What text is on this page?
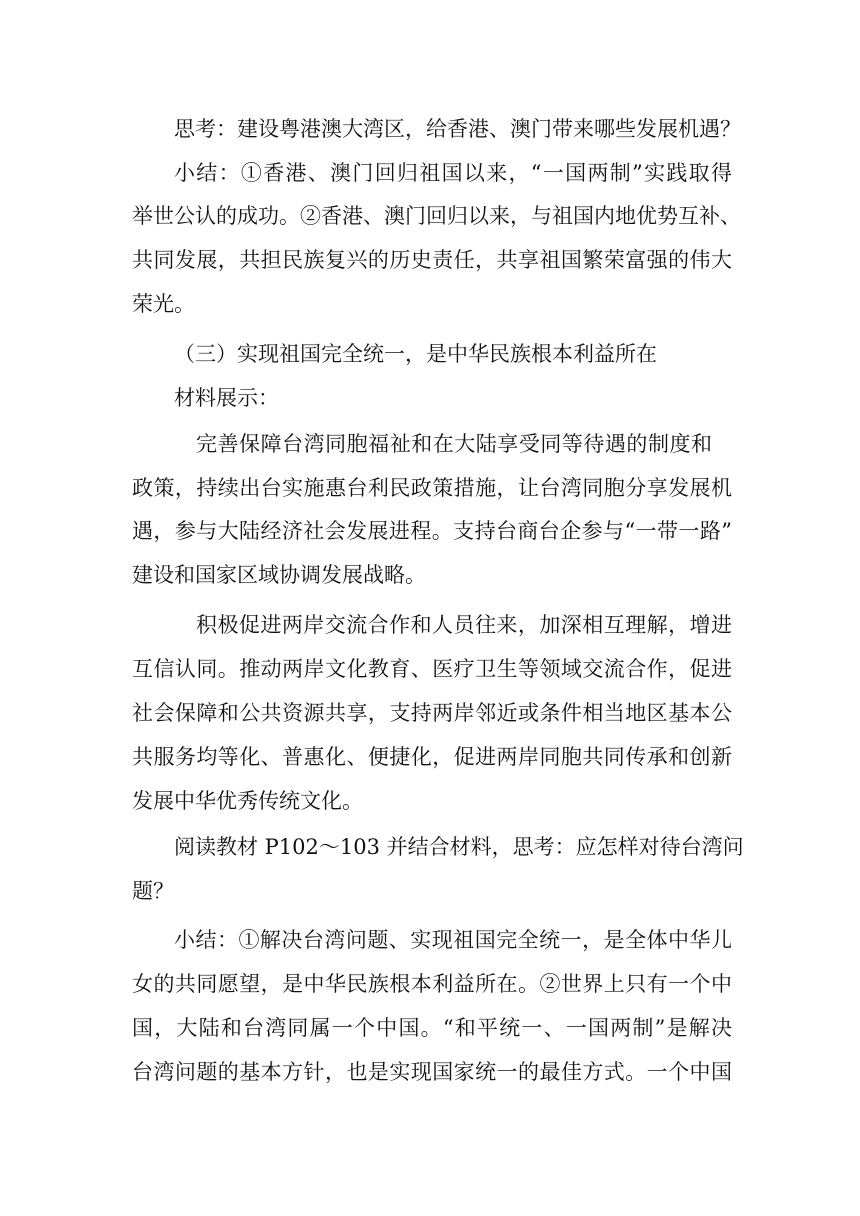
思考：建设粤港澳大湾区，给香港、澳门带来哪些发展机遇？
小结：①香港、澳门回归祖国以来，“一国两制”实践取得
举世公认的成功。②香港、澳门回归以来，与祖国内地优势互补、
共同发展，共担民族复兴的历史责任，共享祖国繁荣富强的伟大
荣光。
（三）实现祖国完全统一，是中华民族根本利益所在
材料展示：
完善保障台湾同胞福祉和在大陆享受同等待遇的制度和
政策，持续出台实施惠台利民政策措施，让台湾同胞分享发展机
遇，参与大陆经济社会发展进程。支持台商台企参与“一带一路”
建设和国家区域协调发展战略。
积极促进两岸交流合作和人员往来，加深相互理解，增进
互信认同。推动两岸文化教育、医疗卫生等领域交流合作，促进
社会保障和公共资源共享，支持两岸邻近或条件相当地区基本公
共服务均等化、普惠化、便捷化，促进两岸同胞共同传承和创新
发展中华优秀传统文化。
阅读教材 P102～103 并结合材料，思考：应怎样对待台湾问
题？
小结：①解决台湾问题、实现祖国完全统一，是全体中华儿
女的共同愿望，是中华民族根本利益所在。②世界上只有一个中
国，大陆和台湾同属一个中国。“和平统一、一国两制”是解决
台湾问题的基本方针，也是实现国家统一的最佳方式。一个中国
